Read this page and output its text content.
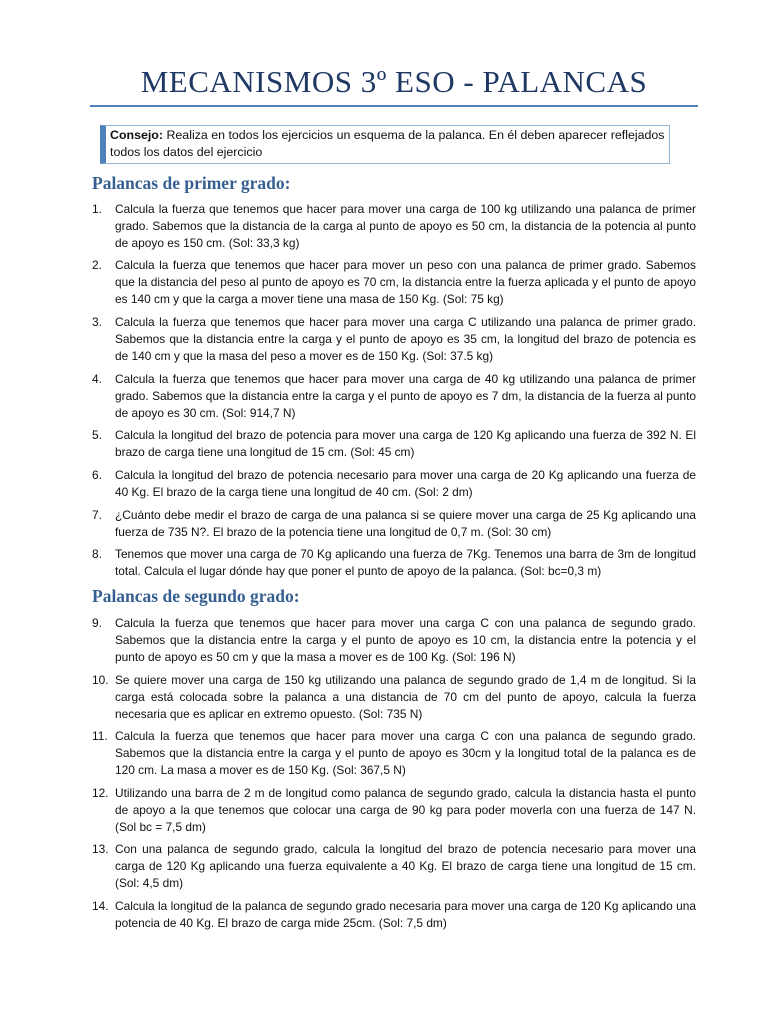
MECANISMOS 3º ESO - PALANCAS
Consejo: Realiza en todos los ejercicios un esquema de la palanca. En él deben aparecer reflejados todos los datos del ejercicio
Palancas de primer grado:
1.	Calcula la fuerza que tenemos que hacer para mover una carga de 100 kg utilizando una palanca de primer grado. Sabemos que la distancia de la carga al punto de apoyo es 50 cm, la distancia de la potencia al punto de apoyo es 150 cm. (Sol: 33,3 kg)
2.	Calcula la fuerza que tenemos que hacer para mover un peso con una palanca de primer grado. Sabemos que la distancia del peso al punto de apoyo es 70 cm, la distancia entre la fuerza aplicada y el punto de apoyo es 140 cm y que la carga a mover tiene una masa de 150 Kg. (Sol: 75 kg)
3.	Calcula la fuerza que tenemos que hacer para mover una carga C utilizando una palanca de primer grado. Sabemos que la distancia entre la carga y el punto de apoyo es 35 cm, la longitud del brazo de potencia es de 140 cm y que la masa del peso a mover es de 150 Kg. (Sol: 37.5 kg)
4.	Calcula la fuerza que tenemos que hacer para mover una carga de 40 kg utilizando una palanca de primer grado. Sabemos que la distancia entre la carga y el punto de apoyo es 7 dm, la distancia de la fuerza al punto de apoyo es 30 cm. (Sol: 914,7 N)
5.	Calcula la longitud del brazo de potencia para mover una carga de 120 Kg aplicando una fuerza de 392 N. El brazo de carga tiene una longitud de 15 cm. (Sol: 45 cm)
6.	Calcula la longitud del brazo de potencia necesario para mover una carga de 20 Kg aplicando una fuerza de 40 Kg. El brazo de la carga tiene una longitud de 40 cm. (Sol: 2 dm)
7.	¿Cuánto debe medir el brazo de carga de una palanca si se quiere mover una carga de 25 Kg aplicando una fuerza de 735 N?. El brazo de la potencia tiene una longitud de 0,7 m. (Sol: 30 cm)
8.	Tenemos que mover una carga de 70 Kg aplicando una fuerza de 7Kg. Tenemos una barra de 3m de longitud total. Calcula el lugar dónde hay que poner el punto de apoyo de la palanca. (Sol: bc=0,3 m)
Palancas de segundo grado:
9.	Calcula la fuerza que tenemos que hacer para mover una carga C con una palanca de segundo grado. Sabemos que la distancia entre la carga y el punto de apoyo es 10 cm, la distancia entre la potencia y el punto de apoyo es 50 cm y que la masa a mover es de 100 Kg. (Sol: 196 N)
10. Se quiere mover una carga de 150 kg utilizando una palanca de segundo grado de 1,4 m de longitud. Si la carga está colocada sobre la palanca a una distancia de 70 cm del punto de apoyo, calcula la fuerza necesaria que es aplicar en extremo opuesto. (Sol: 735 N)
11. Calcula la fuerza que tenemos que hacer para mover una carga C con una palanca de segundo grado. Sabemos que la distancia entre la carga y el punto de apoyo es 30cm y la longitud total de la palanca es de 120 cm. La masa a mover es de 150 Kg. (Sol: 367,5 N)
12. Utilizando una barra de 2 m de longitud como palanca de segundo grado, calcula la distancia hasta el punto de apoyo a la que tenemos que colocar una carga de 90 kg para poder moverla con una fuerza de 147 N. (Sol bc = 7,5 dm)
13. Con una palanca de segundo grado, calcula la longitud del brazo de potencia necesario para mover una carga de 120 Kg aplicando una fuerza equivalente a 40 Kg. El brazo de carga tiene una longitud de 15 cm. (Sol: 4,5 dm)
14. Calcula la longitud de la palanca de segundo grado necesaria para mover una carga de 120 Kg aplicando una potencia de 40 Kg. El brazo de carga mide 25cm. (Sol: 7,5 dm)
